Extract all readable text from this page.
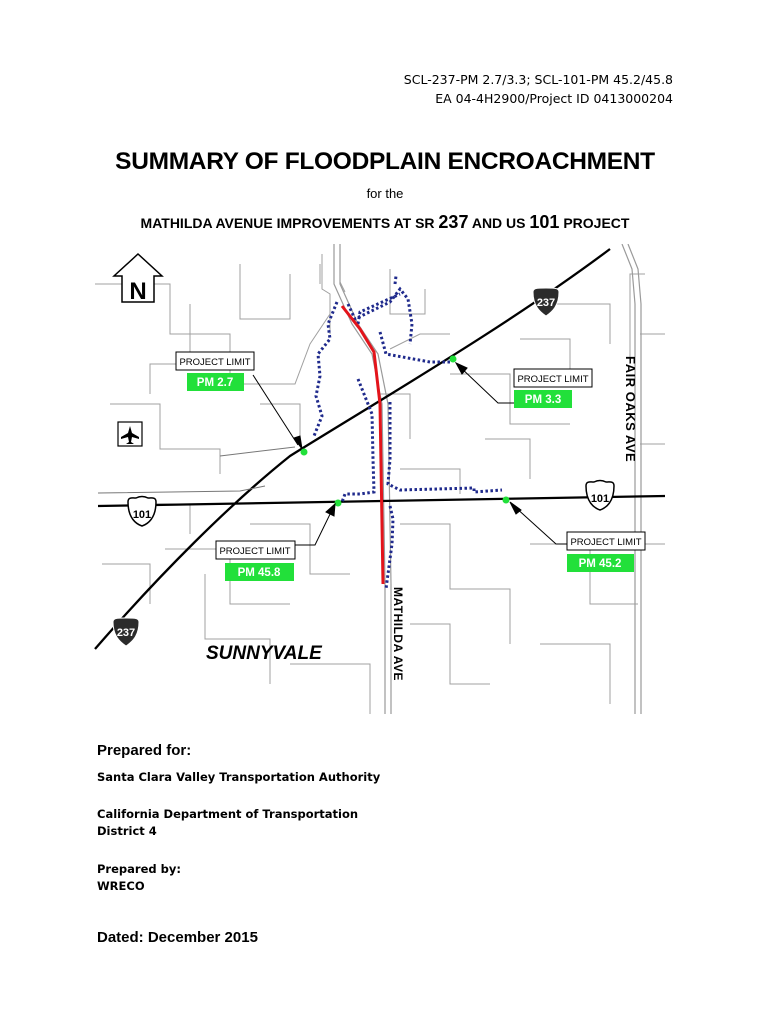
SCL-237-PM 2.7/3.3; SCL-101-PM 45.2/45.8
EA 04-4H2900/Project ID 0413000204
SUMMARY OF FLOODPLAIN ENCROACHMENT
for the
MATHILDA AVENUE IMPROVEMENTS AT SR 237 AND US 101 PROJECT
N	237
237
101
101
PROJECT LIMIT
PM 2.7	PROJECT LIMIT
PM 3.3
PROJECT LIMIT
PM 45.8
PROJECT LIMIT
PM 45.2
FAIR OAKS AVE
MATHILDA AVE
SUNNYVALE
Prepared for:
Santa Clara Valley Transportation Authority
California Department of Transportation
District 4
Prepared by:
WRECO
Dated: December 2015
